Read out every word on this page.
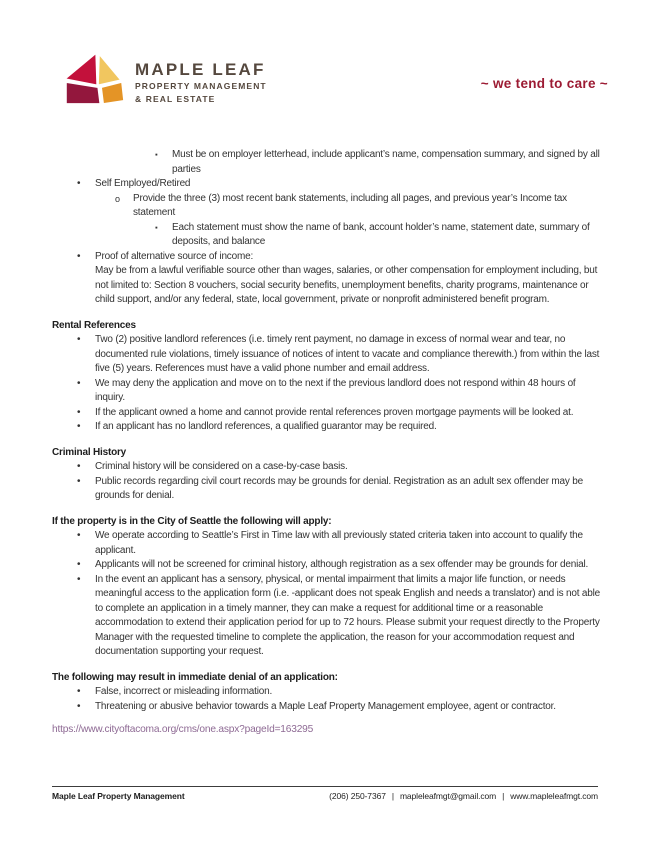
MAPLE LEAF
PROPERTY MANAGEMENT
& REAL ESTATE
~ we tend to care ~
▪	Must be on employer letterhead, include applicant’s name, compensation summary, and signed by all parties
•	Self Employed/Retired
o	Provide the three (3) most recent bank statements, including all pages, and previous year’s Income tax statement
▪	Each statement must show the name of bank, account holder’s name, statement date, summary of deposits, and balance
•	Proof of alternative source of income:
May be from a lawful verifiable source other than wages, salaries, or other compensation for employment including, but not limited to: Section 8 vouchers, social security benefits, unemployment benefits, charity programs, maintenance or child support, and/or any federal, state, local government, private or nonprofit administered benefit program.
Rental References
•	Two (2) positive landlord references (i.e. timely rent payment, no damage in excess of normal wear and tear, no documented rule violations, timely issuance of notices of intent to vacate and compliance therewith.) from within the last five (5) years. References must have a valid phone number and email address.
•	We may deny the application and move on to the next if the previous landlord does not respond within 48 hours of inquiry.
•	If the applicant owned a home and cannot provide rental references proven mortgage payments will be looked at.
•	If an applicant has no landlord references, a qualified guarantor may be required.
Criminal History
•	Criminal history will be considered on a case-by-case basis.
•	Public records regarding civil court records may be grounds for denial. Registration as an adult sex offender may be grounds for denial.
If the property is in the City of Seattle the following will apply:
•	We operate according to Seattle’s First in Time law with all previously stated criteria taken into account to qualify the applicant.
•	Applicants will not be screened for criminal history, although registration as a sex offender may be grounds for denial.
•	In the event an applicant has a sensory, physical, or mental impairment that limits a major life function, or needs meaningful access to the application form (i.e. -applicant does not speak English and needs a translator) and is not able to complete an application in a timely manner, they can make a request for additional time or a reasonable accommodation to extend their application period for up to 72 hours. Please submit your request directly to the Property Manager with the requested timeline to complete the application, the reason for your accommodation request and documentation supporting your request.
The following may result in immediate denial of an application:
•	False, incorrect or misleading information.
•	Threatening or abusive behavior towards a Maple Leaf Property Management employee, agent or contractor.
https://www.cityoftacoma.org/cms/one.aspx?pageId=163295
Maple Leaf Property Management	(206) 250-7367 | mapleleafmgt@gmail.com | www.mapleleafmgt.com
